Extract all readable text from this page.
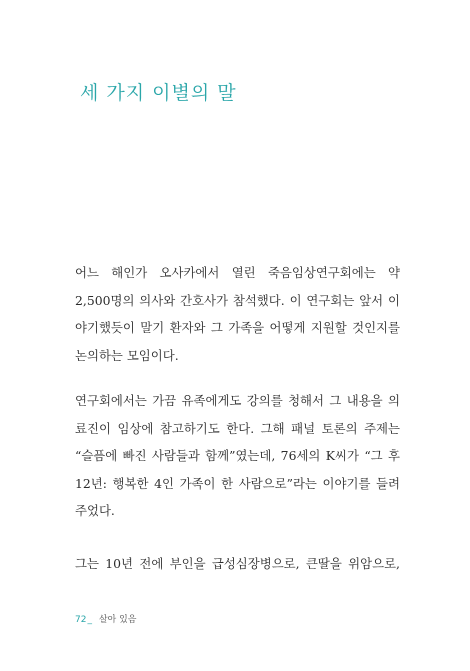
세 가지 이별의 말

어느 해인가 오사카에서 열린 죽음임상연구회에는 약
2,500명의 의사와 간호사가 참석했다. 이 연구회는 앞서 이
야기했듯이 말기 환자와 그 가족을 어떻게 지원할 것인지를
논의하는 모임이다.

연구회에서는 가끔 유족에게도 강의를 청해서 그 내용을 의
료진이 임상에 참고하기도 한다. 그해 패널 토론의 주제는
“슬픔에 빠진 사람들과 함께”였는데, 76세의 K씨가 “그 후
12년: 행복한 4인 가족이 한 사람으로”라는 이야기를 들려
주었다.

그는 10년 전에 부인을 급성심장병으로, 큰딸을 위암으로,

72_ 살아 있음
